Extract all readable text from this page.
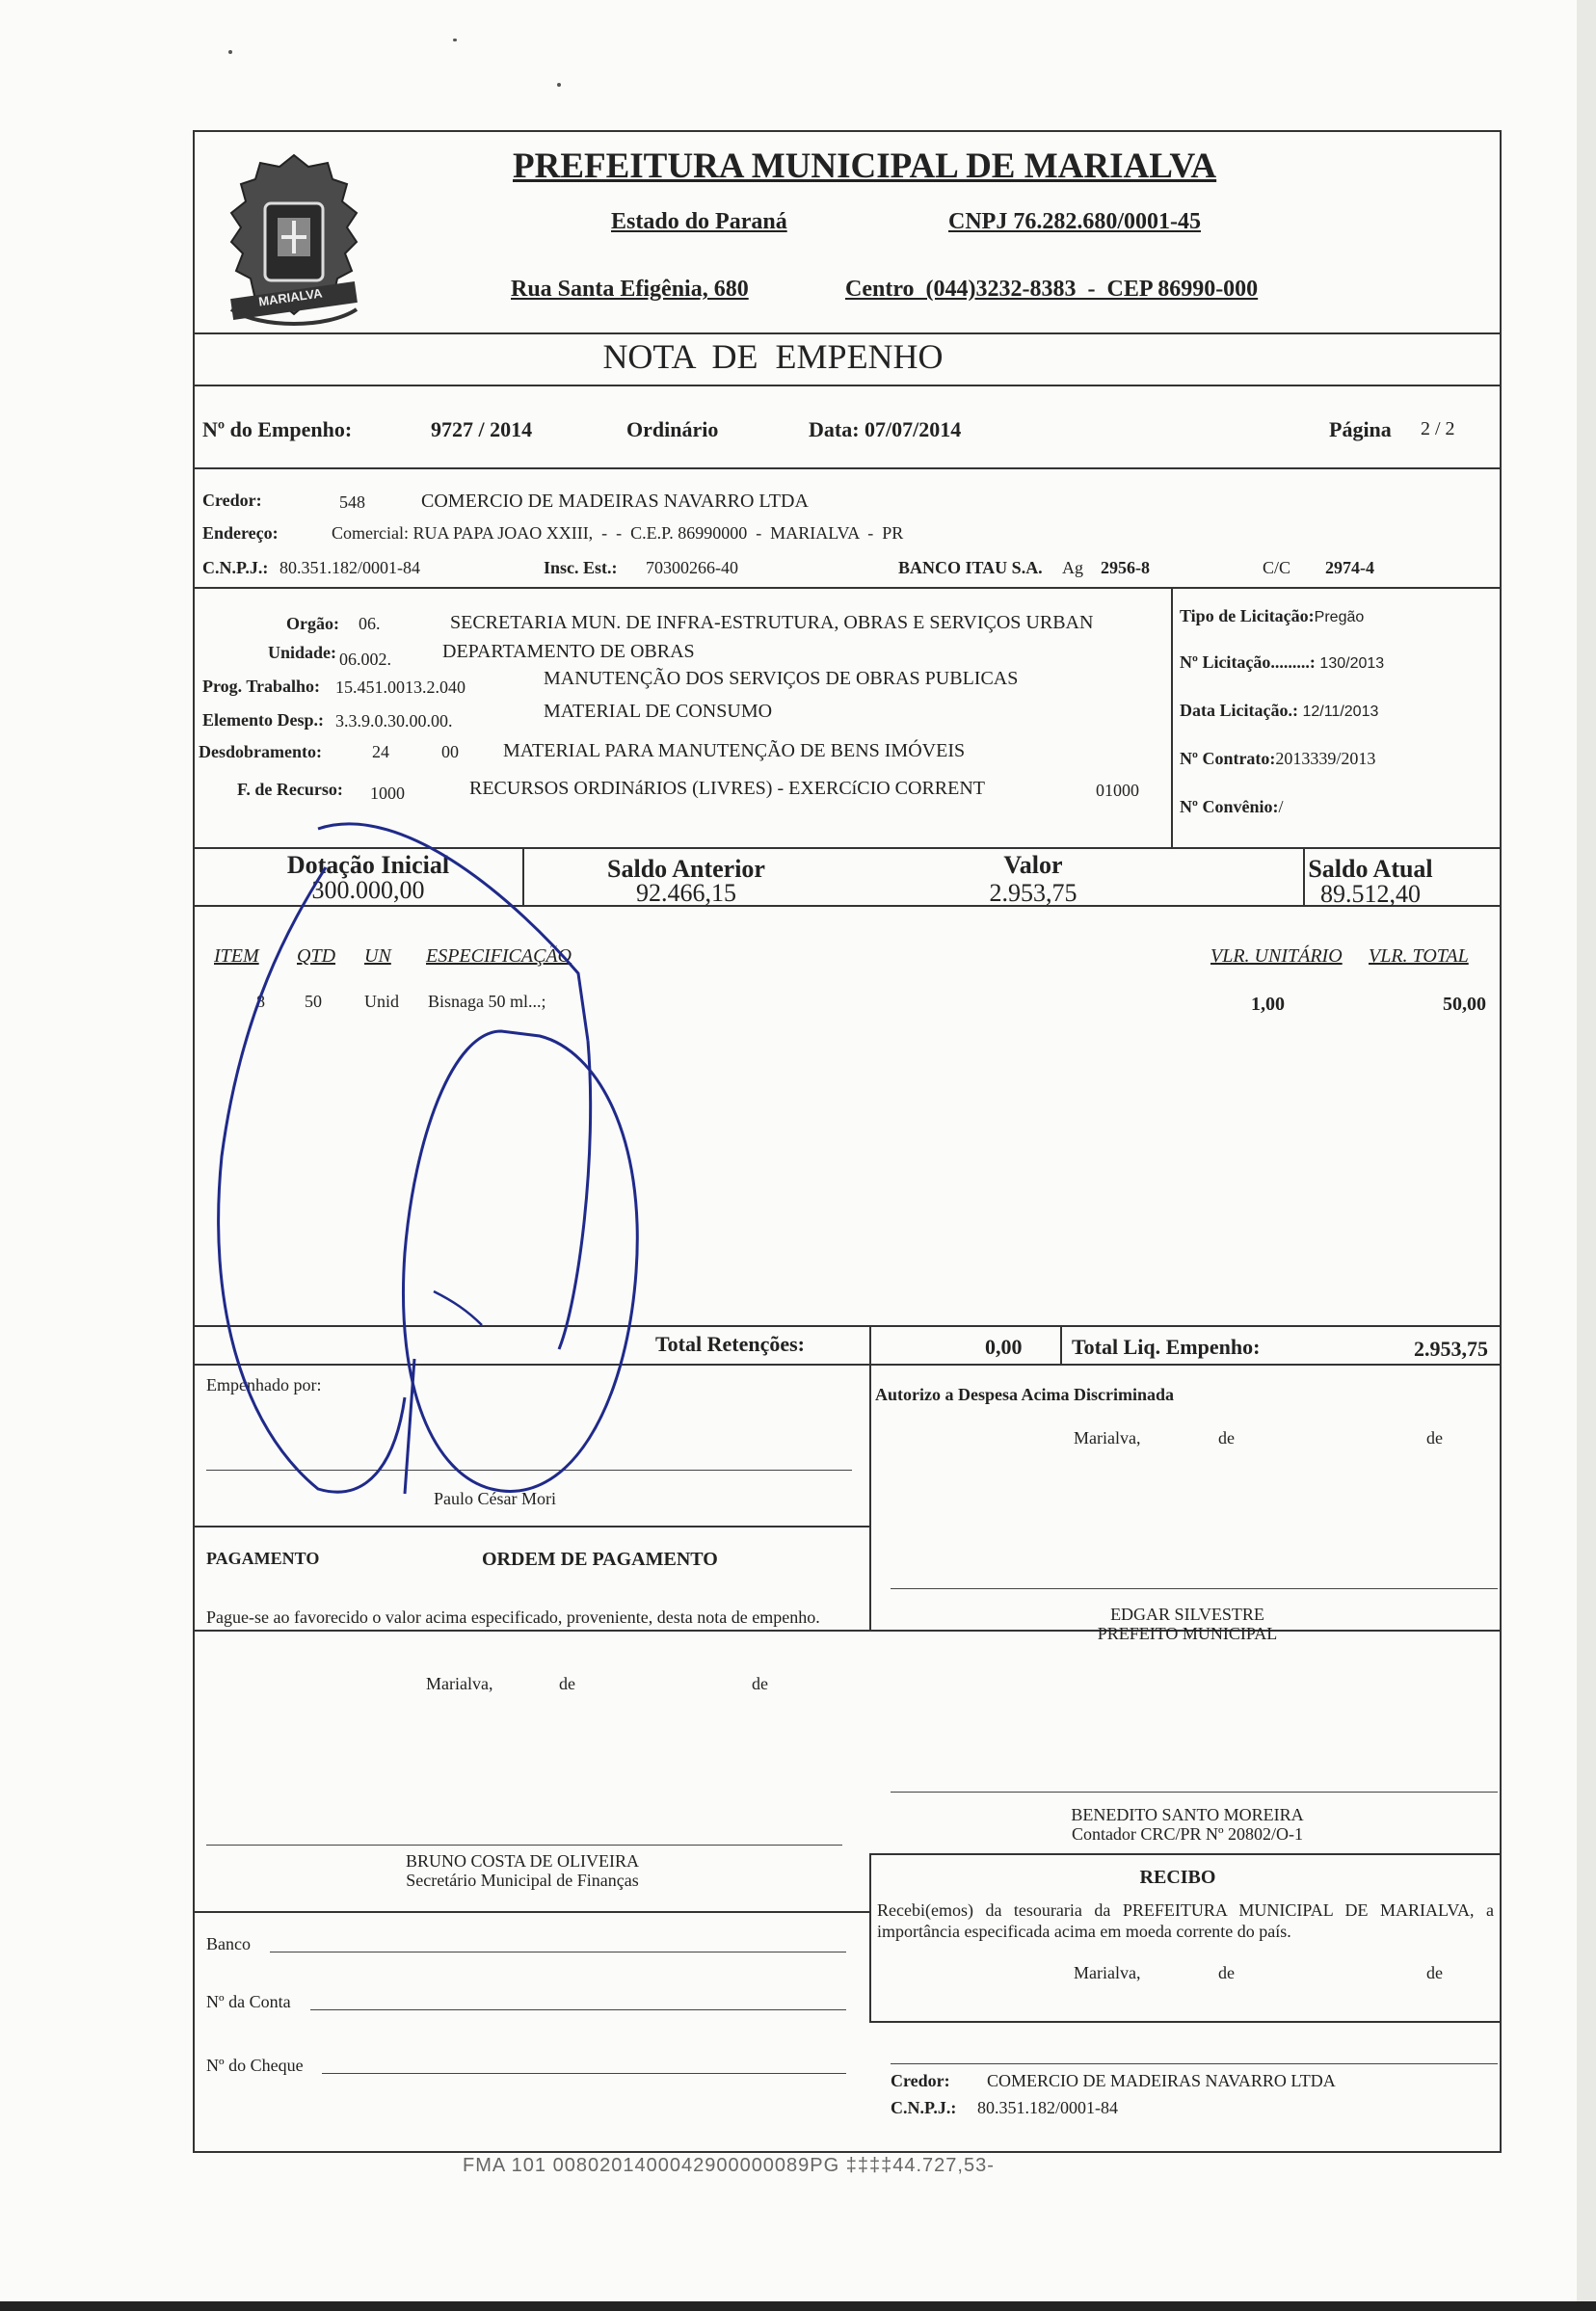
MARIALVA
PREFEITURA MUNICIPAL DE MARIALVA
Estado do Paraná	CNPJ 76.282.680/0001-45
Rua Santa Efigênia, 680	Centro  (044)3232-8383  -  CEP 86990-000
NOTA  DE  EMPENHO
Nº do Empenho:	9727 / 2014	Ordinário	Data: 07/07/2014	Página 2 / 2
Credor:	548	COMERCIO DE MADEIRAS NAVARRO LTDA
Endereço:	Comercial: RUA PAPA JOAO XXIII,  -  -  C.E.P. 86990000  -  MARIALVA  -  PR
C.N.P.J.: 80.351.182/0001-84	Insc. Est.: 70300266-40	BANCO ITAU S.A. Ag 2956-8	C/C 2974-4
Orgão: 06.	SECRETARIA MUN. DE INFRA-ESTRUTURA, OBRAS E SERVIÇOS URBAN
Unidade: 06.002.	DEPARTAMENTO DE OBRAS
Prog. Trabalho: 15.451.0013.2.040	MANUTENÇÃO DOS SERVIÇOS DE OBRAS PUBLICAS
Elemento Desp.: 3.3.9.0.30.00.00.	MATERIAL DE CONSUMO
Desdobramento:	24	00 MATERIAL PARA MANUTENÇÃO DE BENS IMÓVEIS
F. de Recurso: 1000	RECURSOS ORDINáRIOS (LIVRES) - EXERCíCIO CORRENT	01000
Tipo de Licitação:Pregão
Nº Licitação.........: 130/2013
Data Licitação.: 12/11/2013
Nº Contrato:2013339/2013
Nº Convênio:/
Dotação Inicial
300.000,00
Saldo Anterior
92.466,15
Valor
2.953,75
Saldo Atual
89.512,40
ITEM QTD UN ESPECIFICAÇÃO	VLR. UNITÁRIO VLR. TOTAL
8 50 Unid Bisnaga 50 ml...;	1,00	50,00
Total Retenções:	0,00 Total Liq. Empenho:	2.953,75
Empenhado por:
Paulo César Mori
Autorizo a Despesa Acima Discriminada
Marialva,	de	de
PAGAMENTO	ORDEM DE PAGAMENTO
Pague-se ao favorecido o valor acima especificado, proveniente, desta nota de empenho.
Marialva,	de	de
EDGAR SILVESTRE
PREFEITO MUNICIPAL
BENEDITO SANTO MOREIRA
Contador CRC/PR Nº 20802/O-1
BRUNO COSTA DE OLIVEIRA
Secretário Municipal de Finanças	RECIBO
Recebi(emos) da tesouraria da PREFEITURA MUNICIPAL DE MARIALVA, a importância especificada acima em moeda corrente do país.
Marialva,	de	de
Banco
Nº da Conta
Nº do Cheque
Credor: COMERCIO DE MADEIRAS NAVARRO LTDA
C.N.P.J.: 80.351.182/0001-84
FMA 101 0080201400042900000089PG ‡‡‡‡44.727,53-
